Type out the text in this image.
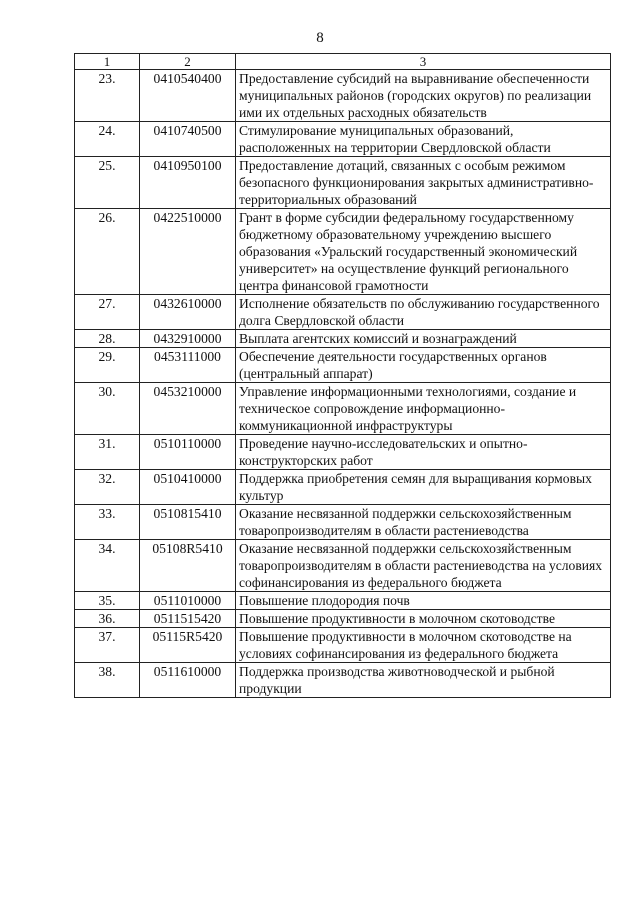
8
1	2	3
23.	0410540400	Предоставление субсидий на выравнивание обеспеченности муниципальных районов (городских округов) по реализации ими их отдельных расходных обязательств
24.	0410740500	Стимулирование муниципальных образований, расположенных на территории Свердловской области
25.	0410950100	Предоставление дотаций, связанных с особым режимом безопасного функционирования закрытых административно-территориальных образований
26.	0422510000	Грант в форме субсидии федеральному государственному бюджетному образовательному учреждению высшего образования «Уральский государственный экономический университет» на осуществление функций регионального центра финансовой грамотности
27.	0432610000	Исполнение обязательств по обслуживанию государственного долга Свердловской области
28.	0432910000	Выплата агентских комиссий и вознаграждений
29.	0453111000	Обеспечение деятельности государственных органов (центральный аппарат)
30.	0453210000	Управление информационными технологиями, создание и техническое сопровождение информационно-коммуникационной инфраструктуры
31.	0510110000	Проведение научно-исследовательских и опытно-конструкторских работ
32.	0510410000	Поддержка приобретения семян для выращивания кормовых культур
33.	0510815410	Оказание несвязанной поддержки сельскохозяйственным товаропроизводителям в области растениеводства
34.	05108R5410	Оказание несвязанной поддержки сельскохозяйственным товаропроизводителям в области растениеводства на условиях софинансирования из федерального бюджета
35.	0511010000	Повышение плодородия почв
36.	0511515420	Повышение продуктивности в молочном скотоводстве
37.	05115R5420	Повышение продуктивности в молочном скотоводстве на условиях софинансирования из федерального бюджета
38.	0511610000	Поддержка производства животноводческой и рыбной продукции
